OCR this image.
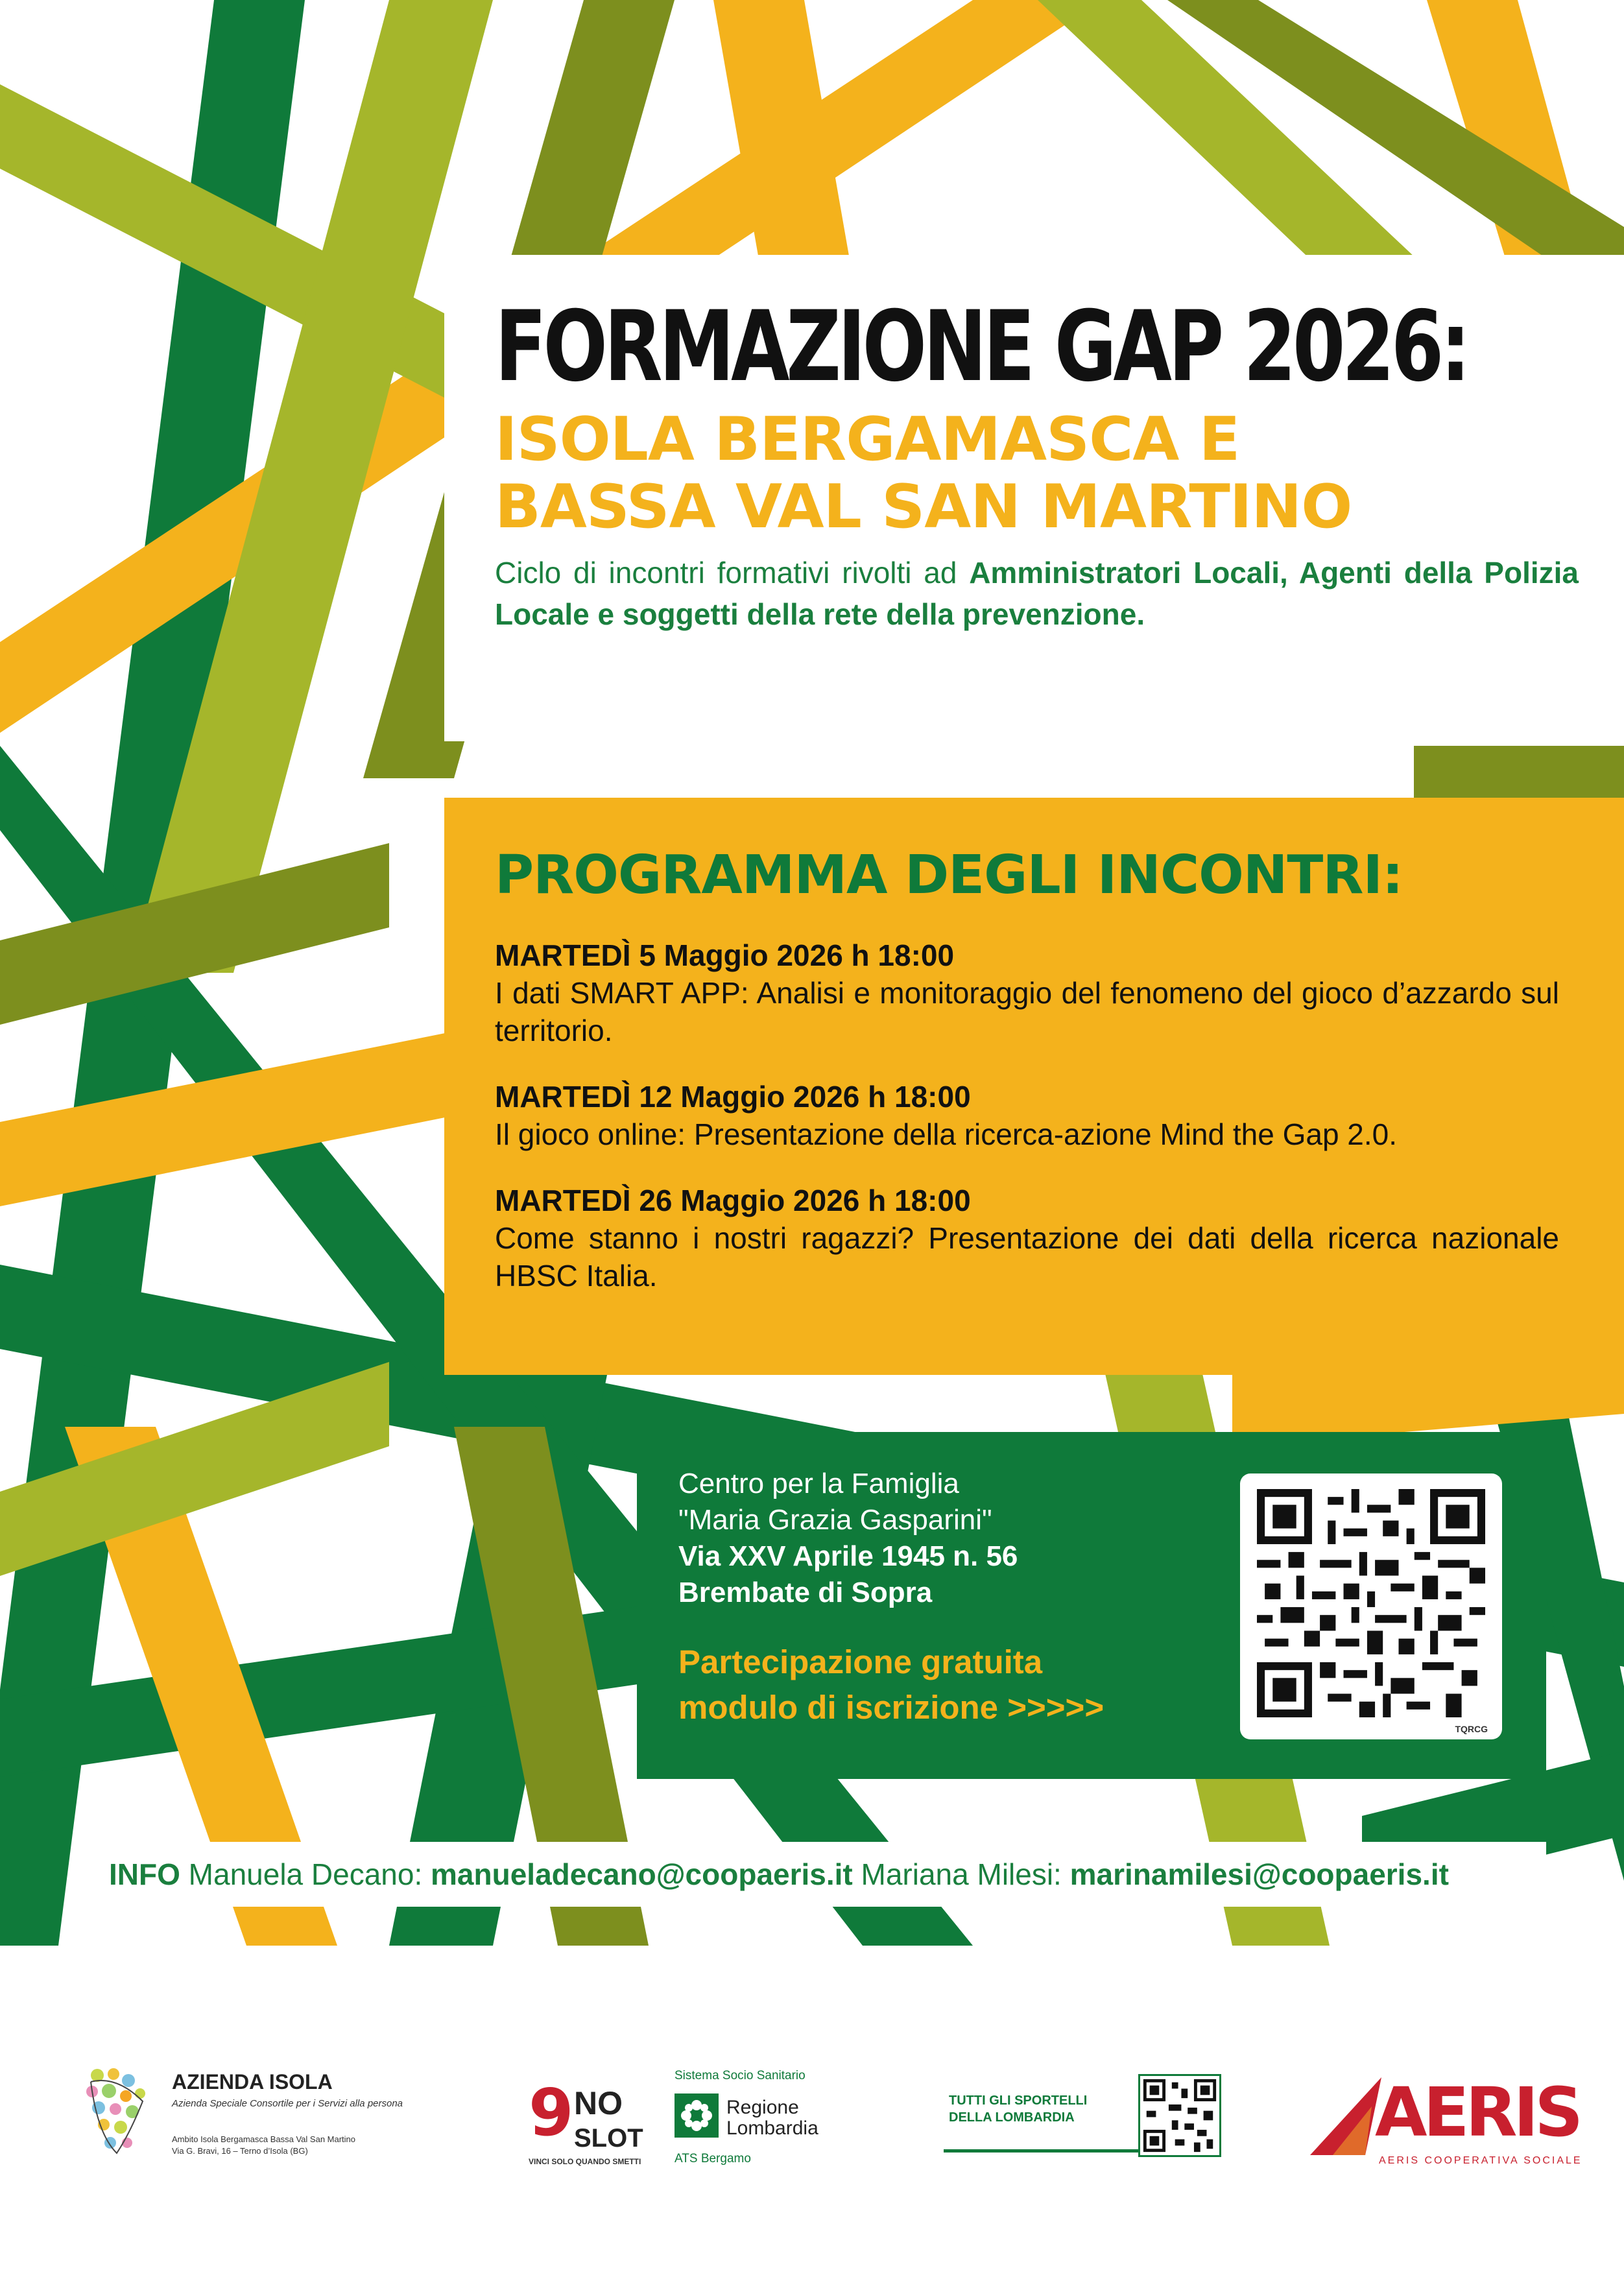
FORMAZIONE GAP 2026:
ISOLA BERGAMASCA E
BASSA VAL SAN MARTINO
Ciclo di incontri formativi rivolti ad Amministratori Locali, Agenti della Polizia Locale e soggetti della rete della prevenzione.
PROGRAMMA DEGLI INCONTRI:
MARTEDÌ 5 Maggio 2026 h 18:00
I dati SMART APP: Analisi e monitoraggio del fenomeno del gioco d’azzardo sul territorio.
MARTEDÌ 12 Maggio 2026 h 18:00
Il gioco online: Presentazione della ricerca-azione Mind the Gap 2.0.
MARTEDÌ 26 Maggio 2026 h 18:00
Come stanno i nostri ragazzi? Presentazione dei dati della ricerca nazionale HBSC Italia.
Centro per la Famiglia
"Maria Grazia Gasparini"
Via XXV Aprile 1945 n. 56
Brembate di Sopra
Partecipazione gratuita
modulo di iscrizione >>>>>
TQRCG
INFO Manuela Decano: manueladecano@coopaeris.it Mariana Milesi: marinamilesi@coopaeris.it
AZIENDA ISOLA
Azienda Speciale Consortile per i Servizi alla persona
Ambito Isola Bergamasca Bassa Val San Martino
Via G. Bravi, 16 – Terno d’Isola (BG)
9 NO
SLOT
VINCI SOLO QUANDO SMETTI
Sistema Socio Sanitario
Regione
Lombardia
ATS Bergamo
TUTTI GLI SPORTELLI
DELLA LOMBARDIA	AERIS
AERIS COOPERATIVA SOCIALE
